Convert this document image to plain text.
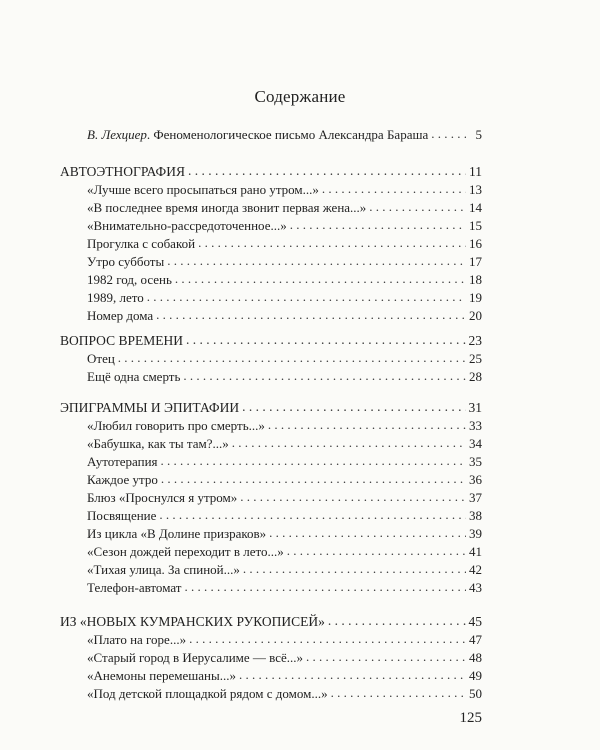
Содержание
В. Лехциер. Феноменологическое письмо Александра Бараша . . .	5
АВТОЭТНОГРАФИЯ . . .	11
«Лучше всего просыпаться рано утром...» . . .	13
«В последнее время иногда звонит первая жена...» . . .	14
«Внимательно-рассредоточенное...» . . .	15
Прогулка с собакой . . .	16
Утро субботы . . .	17
1982 год, осень . . .	18
1989, лето . . .	19
Номер дома . . .	20
ВОПРОС ВРЕМЕНИ . . .	23
Отец . . .	25
Ещё одна смерть . . .	28
ЭПИГРАММЫ И ЭПИТАФИИ . . .	31
«Любил говорить про смерть...» . . .	33
«Бабушка, как ты там?...» . . .	34
Аутотерапия . . .	35
Каждое утро . . .	36
Блюз «Проснулся я утром» . . .	37
Посвящение . . .	38
Из цикла «В Долине призраков» . . .	39
«Сезон дождей переходит в лето...» . . .	41
«Тихая улица. За спиной...» . . .	42
Телефон-автомат . . .	43
ИЗ «НОВЫХ КУМРАНСКИХ РУКОПИСЕЙ» . . .	45
«Плато на горе...» . . .	47
«Старый город в Иерусалиме — всё...» . . .	48
«Анемоны перемешаны...» . . .	49
«Под детской площадкой рядом с домом...» . . .	50
125
